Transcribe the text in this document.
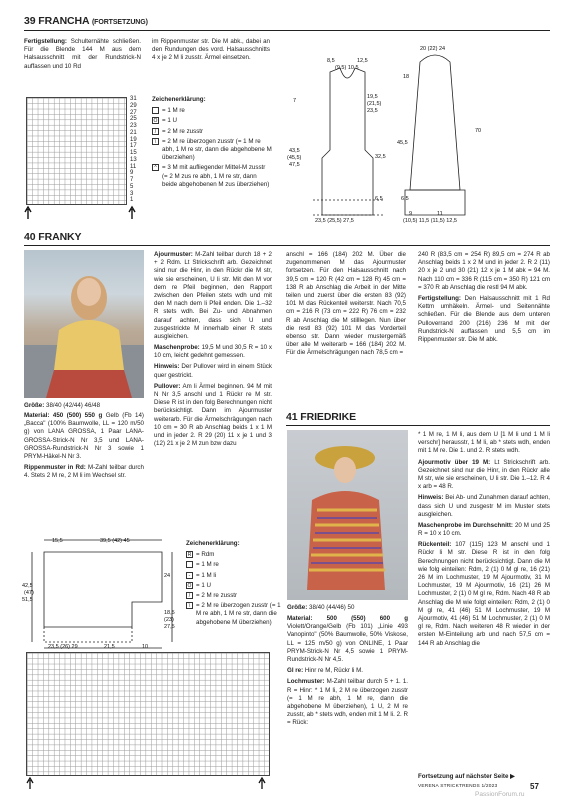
39 FRANCHA (FORTSETZUNG)

Fertigstellung: Schulternähte schließen. Für die Blende 144 M aus dem Halsausschnitt mit der Rundstrick-N auffassen und 10 Rd

im Rippenmuster str. Die M abk., dabei an den Rundungen des vord. Halsausschnitts 4 x je 2 M li zusstr. Ärmel einsetzen.

31
29
27
25
23
21
19
17
15
13
11
9
7
5
3
1
Zeichenerklärung:
= 1 M re
O = 1 U
/ = 2 M re zusstr
\ = 2 M re überzogen zusstr (= 1 M re abh, 1 M re str, dann die abgehobene M überziehen)
^ = 3 M mit aufliegender Mittel-M zusstr (= 2 M zus re abh, 1 M re str, dann beide abgehobenen M zus überziehen)
8,5
(9,5) 10,5
12,5
7
19,5
(21,5)
23,5
32,5
43,5
(45,5)
47,5
6,5
23,5 (25,5) 27,5
20 (22) 24
18
45,5
70
6,5
9	11
(10,5) 11,5 (11,5) 12,5
40 FRANKY
Größe: 38/40 (42/44) 46/48

Material: 450 (500) 550 g Gelb (Fb 14) „Bacca" (100% Baumwolle, LL = 120 m/50 g) von LANA GROSSA, 1 Paar LANA-GROSSA-Strick-N Nr 3,5 und LANA-GROSSA-Rundstrick-N Nr 3 sowie 1 PRYM-Häkel-N Nr 3.

Rippenmuster in Rd: M-Zahl teilbar durch 4. Stets 2 M re, 2 M li im Wechsel str.

Ajourmuster: M-Zahl teilbar durch 18 + 2 + 2 Rdm. Lt Strickschrift arb. Gezeichnet sind nur die Hinr, in den Rückr die M str, wie sie erscheinen, U li str. Mit den M vor dem re Pfeil beginnen, den Rapport zwischen den Pfeilen stets wdh und mit den M nach dem li Pfeil enden. Die 1.–32 R stets wdh. Bei Zu- und Abnahmen darauf achten, dass sich U und zusgestrickte M innerhalb einer R stets ausgleichen.

Maschenprobe: 19,5 M und 30,5 R = 10 x 10 cm, leicht gedehnt gemessen.

Hinweis: Der Pullover wird in einem Stück quer gestrickt.

Pullover: Am li Ärmel beginnen. 94 M mit N Nr 3,5 anschl und 1 Rückr re M str. Diese R ist in den folg Berechnungen nicht berücksichtigt. Dann im Ajourmuster weiterarb. Für die Ärmelschrägungen nach 10 cm = 30 R ab Anschlag beids 1 x 1 M und in jeder 2. R 29 (20) 11 x je 1 und 3 (12) 21 x je 2 M zun bzw dazu

anschl = 166 (184) 202 M. Über die zugenommenen M das Ajourmuster fortsetzen. Für den Halsausschnitt nach 39,5 cm = 120 R (42 cm = 128 R) 45 cm = 138 R ab Anschlag die Arbeit in der Mitte teilen und zuerst über die ersten 83 (92) 101 M das Rückenteil weiterstr. Nach 70,5 cm = 216 R (73 cm = 222 R) 76 cm = 232 R ab Anschlag die M stilllegen. Nun über die restl 83 (92) 101 M das Vorderteil ebenso str. Dann wieder mustergemäß über alle M weiterarb = 166 (184) 202 M. Für die Ärmelschrägungen nach 78,5 cm =

240 R (83,5 cm = 254 R) 89,5 cm = 274 R ab Anschlag beids 1 x 2 M und in jeder 2. R 2 (11) 20 x je 2 und 30 (21) 12 x je 1 M abk = 94 M. Nach 110 cm = 336 R (115 cm = 350 R) 121 cm = 370 R ab Anschlag die restl 94 M abk.

Fertigstellung: Den Halsausschnitt mit 1 Rd Kettm umhäkeln. Ärmel- und Seitennähte schließen. Für die Blende aus dem unteren Pulloverrand 200 (216) 236 M mit der Rundstrick-N auffassen und 5,5 cm im Rippenmuster str. Die M abk.

15,5	39,5 (42) 45
42,5
(47)
51,5
24
18,5
(23)
27,5
23,5 (26) 29	21,5	10
Zeichenerklärung:
R = Rdm
= 1 M re
- = 1 M li
O = 1 U
/ = 2 M re zusstr
\ = 2 M re überzogen zusstr (= 1 M re abh, 1 M re str, dann die abgehobene M überziehen)
41 FRIEDRIKE
Größe: 38/40 (44/46) 50

Material: 500 (550) 600 g Violett/Orange/Gelb (Fb 101) „Linie 493 Vanopinto" (50% Baumwolle, 50% Viskose, LL = 125 m/50 g) von ONLINE, 1 Paar PRYM-Strick-N Nr 4,5 sowie 1 PRYM-Rundstrick-N Nr 4,5.

Gl re: Hinr re M, Rückr li M.

Lochmuster: M-Zahl teilbar durch 5 + 1. 1. R = Hinr: * 1 M li, 2 M re überzogen zusstr (= 1 M re abh, 1 M re, dann die abgehobene M überziehen), 1 U, 2 M re zusstr, ab * stets wdh, enden mit 1 M li. 2. R = Rück:

* 1 M re, 1 M li, aus dem U [1 M li und 1 M li verschr] herausstr, 1 M li, ab * stets wdh, enden mit 1 M re. Die 1. und 2. R stets wdh.

Ajourmotiv über 19 M: Lt Strickschrift arb. Gezeichnet sind nur die Hinr, in den Rückr alle M str, wie sie erscheinen, U li str. Die 1.–12. R 4 x arb = 48 R.

Hinweis: Bei Ab- und Zunahmen darauf achten, dass sich U und zusgestr M im Muster stets ausgleichen.

Maschenprobe im Durchschnitt: 20 M und 25 R = 10 x 10 cm.

Rückenteil: 107 (115) 123 M anschl und 1 Rückr li M str. Diese R ist in den folg Berechnungen nicht berücksichtigt. Dann die M wie folg einteilen: Rdm, 2 (1) 0 M gl re, 16 (21) 26 M im Lochmuster, 19 M Ajourmotiv, 31 M Lochmuster, 19 M Ajourmotiv, 16 (21) 26 M Lochmuster, 2 (1) 0 M gl re, Rdm. Nach 48 R ab Anschlag die M wie folgt einteilen: Rdm, 2 (1) 0 M gl re, 41 (46) 51 M Lochmuster, 19 M Ajourmotiv, 41 (46) 51 M Lochmuster, 2 (1) 0 M gl re, Rdm. Nach weiteren 48 R wieder in der ersten M-Einteilung arb und nach 57,5 cm = 144 R ab Anschlag die

Fortsetzung auf nächster Seite ▶
VERENA STRICKTRENDS 1/2023	57
PassionForum.ru
